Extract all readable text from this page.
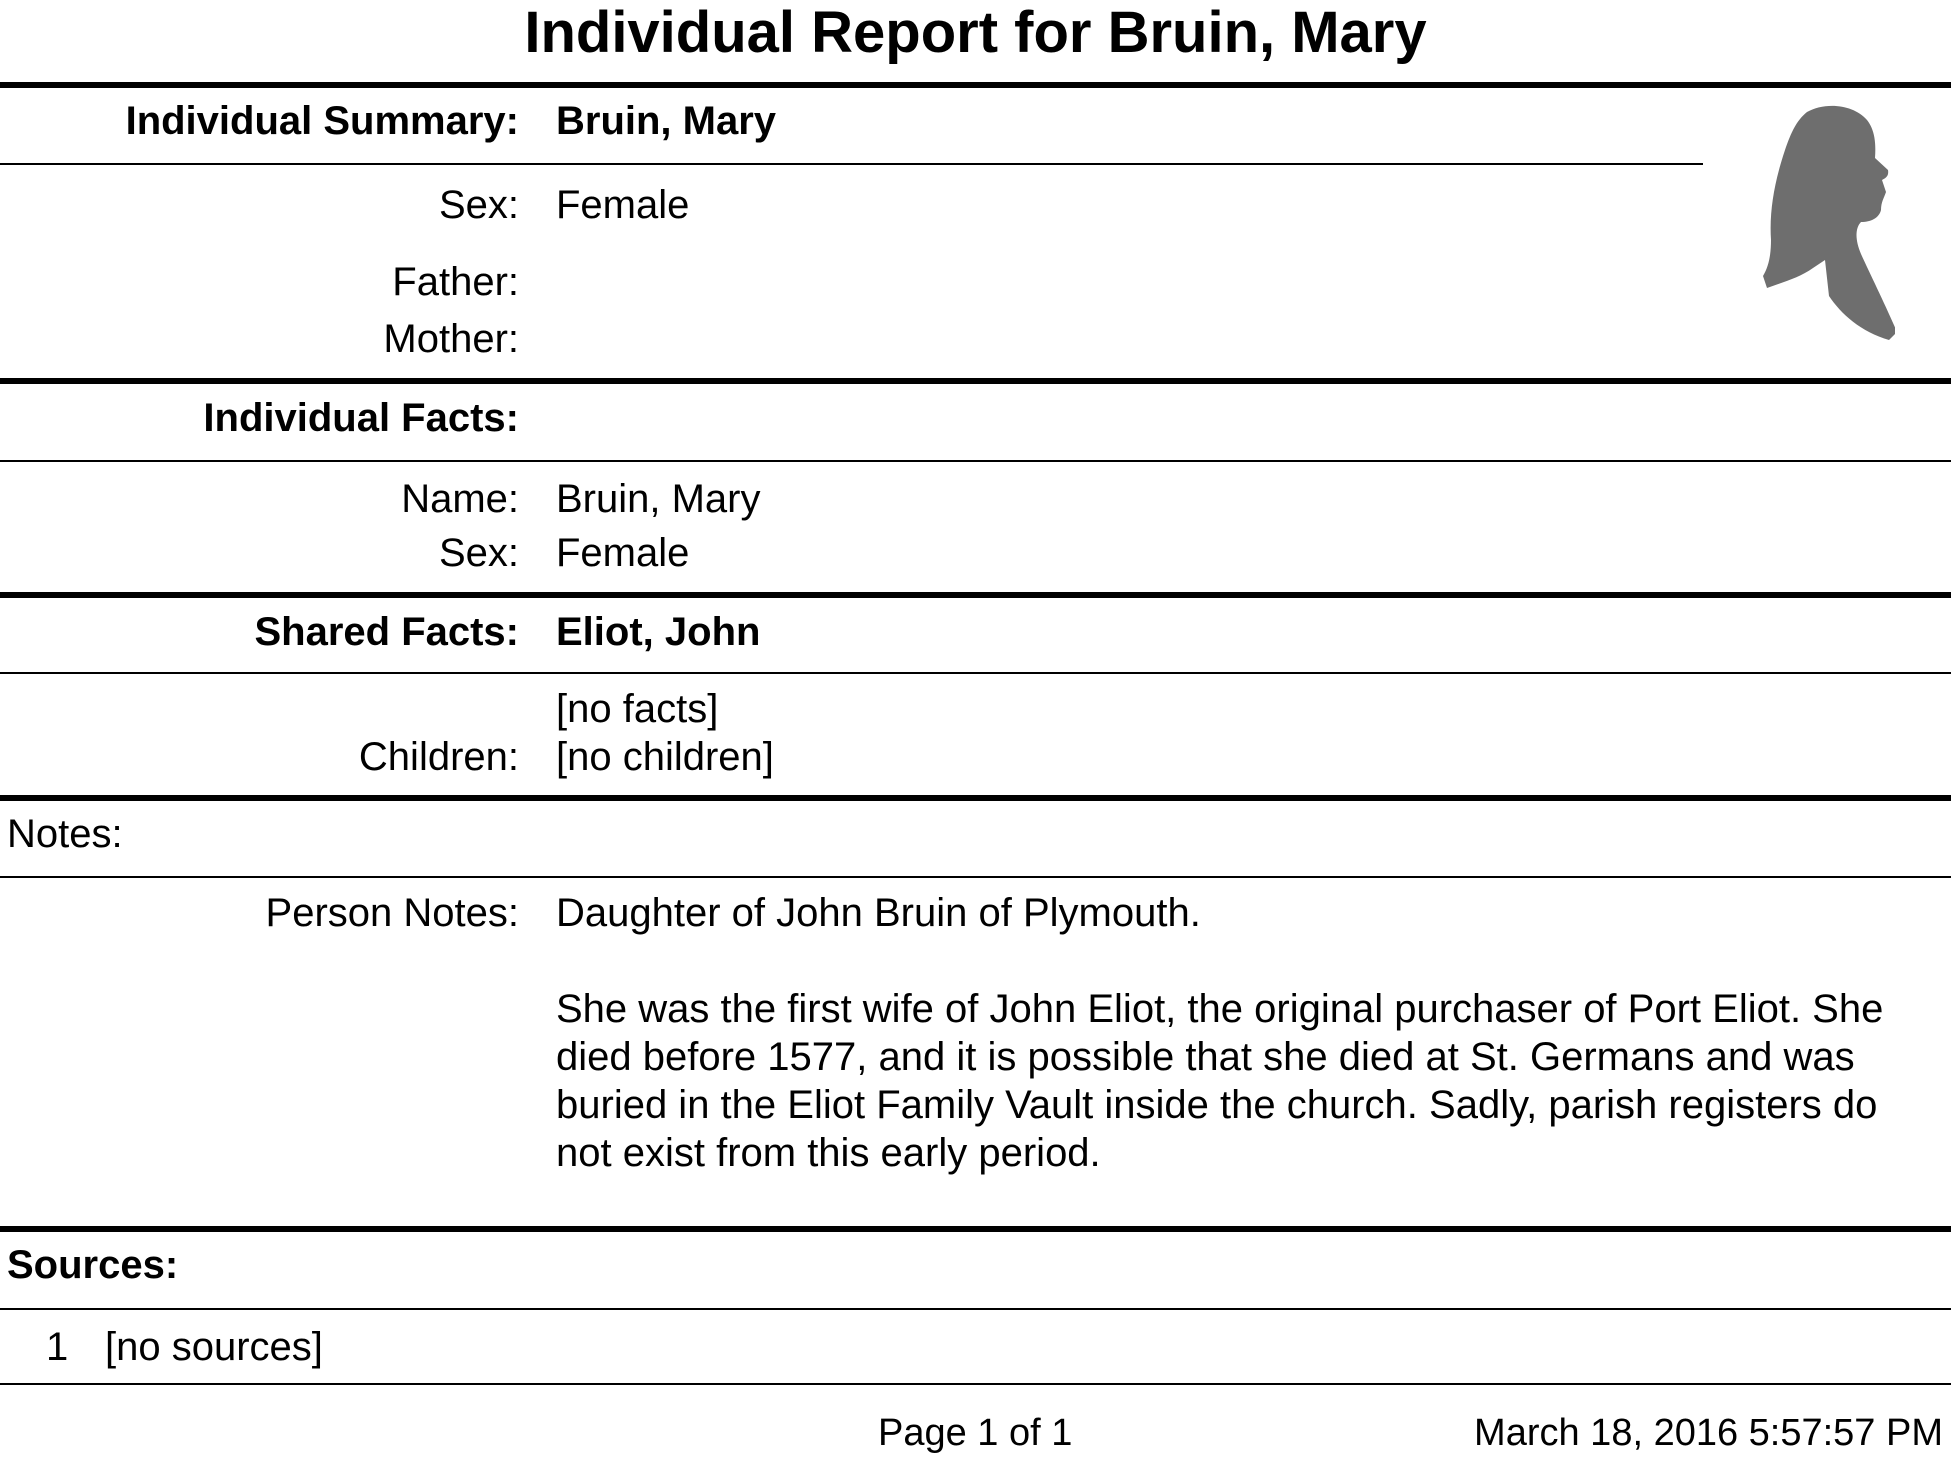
Individual Report for Bruin, Mary
Individual Summary: Bruin, Mary
Sex: Female
Father:
Mother:
Individual Facts:
Name: Bruin, Mary
Sex: Female
Shared Facts: Eliot, John
[no facts]
Children: [no children]
Notes:
Person Notes: Daughter of John Bruin of Plymouth.
She was the first wife of John Eliot, the original purchaser of Port Eliot. She died before 1577, and it is possible that she died at St. Germans and was buried in the Eliot Family Vault inside the church. Sadly, parish registers do not exist from this early period.
Sources:
1 [no sources]
Page 1 of 1	March 18, 2016 5:57:57 PM
